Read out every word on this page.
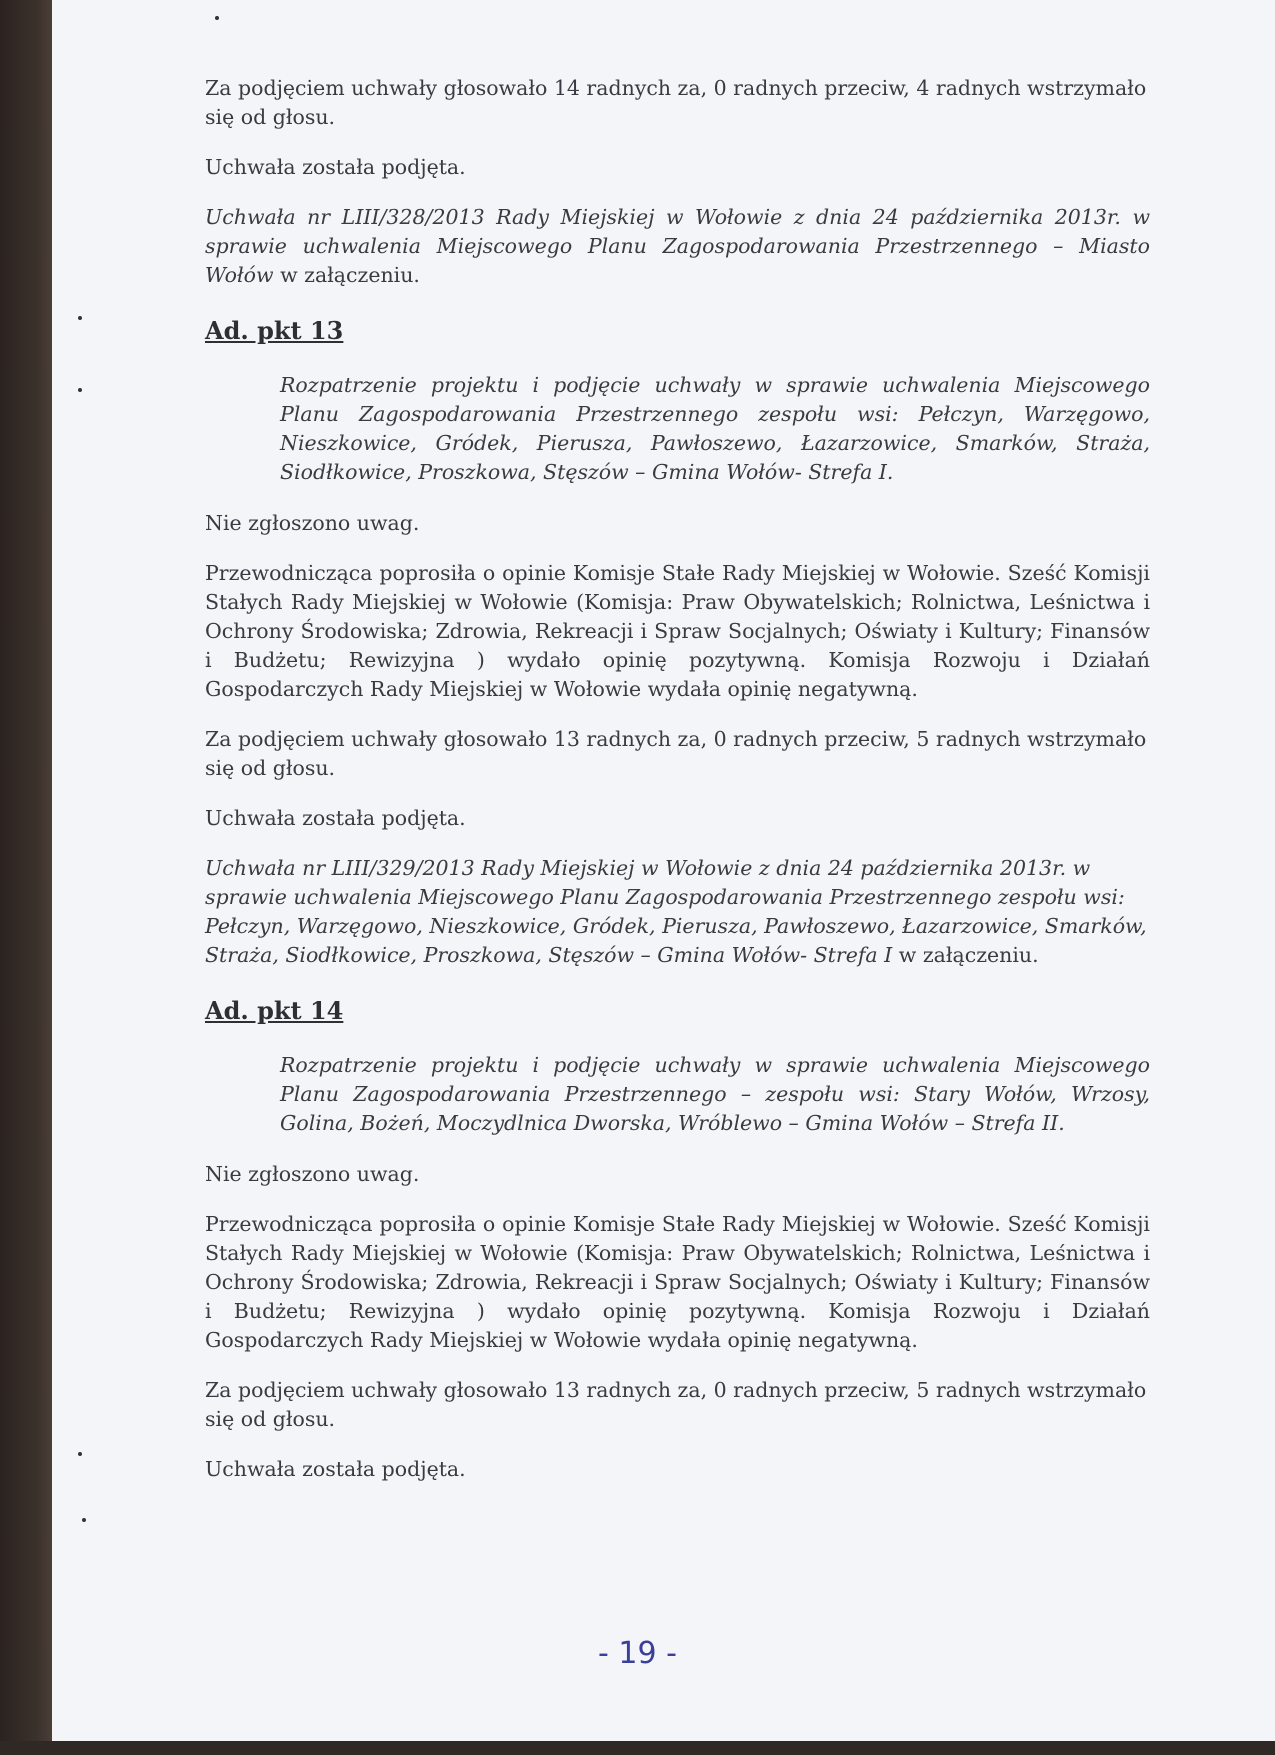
Za podjęciem uchwały głosowało 14 radnych za, 0 radnych przeciw, 4 radnych wstrzymało się od głosu.

Uchwała została podjęta.

Uchwała nr LIII/328/2013 Rady Miejskiej w Wołowie z dnia 24 października 2013r. w sprawie uchwalenia Miejscowego Planu Zagospodarowania Przestrzennego – Miasto Wołów w załączeniu.

Ad. pkt 13

Rozpatrzenie projektu i podjęcie uchwały w sprawie uchwalenia Miejscowego Planu Zagospodarowania Przestrzennego zespołu wsi: Pełczyn, Warzęgowo, Nieszkowice, Gródek, Pierusza, Pawłoszewo, Łazarzowice, Smarków, Straża, Siodłkowice, Proszkowa, Stęszów – Gmina Wołów- Strefa I.

Nie zgłoszono uwag.

Przewodnicząca poprosiła o opinie Komisje Stałe Rady Miejskiej w Wołowie. Sześć Komisji Stałych Rady Miejskiej w Wołowie (Komisja: Praw Obywatelskich; Rolnictwa, Leśnictwa i Ochrony Środowiska; Zdrowia, Rekreacji i Spraw Socjalnych; Oświaty i Kultury; Finansów i Budżetu; Rewizyjna ) wydało opinię pozytywną. Komisja Rozwoju i Działań Gospodarczych Rady Miejskiej w Wołowie wydała opinię negatywną.

Za podjęciem uchwały głosowało 13 radnych za, 0 radnych przeciw, 5 radnych wstrzymało się od głosu.

Uchwała została podjęta.

Uchwała nr LIII/329/2013 Rady Miejskiej w Wołowie z dnia 24 października 2013r. w sprawie uchwalenia Miejscowego Planu Zagospodarowania Przestrzennego zespołu wsi: Pełczyn, Warzęgowo, Nieszkowice, Gródek, Pierusza, Pawłoszewo, Łazarzowice, Smarków, Straża, Siodłkowice, Proszkowa, Stęszów – Gmina Wołów- Strefa I w załączeniu.

Ad. pkt 14

Rozpatrzenie projektu i podjęcie uchwały w sprawie uchwalenia Miejscowego Planu Zagospodarowania Przestrzennego – zespołu wsi: Stary Wołów, Wrzosy, Golina, Bożeń, Moczydlnica Dworska, Wróblewo – Gmina Wołów – Strefa II.

Nie zgłoszono uwag.

Przewodnicząca poprosiła o opinie Komisje Stałe Rady Miejskiej w Wołowie. Sześć Komisji Stałych Rady Miejskiej w Wołowie (Komisja: Praw Obywatelskich; Rolnictwa, Leśnictwa i Ochrony Środowiska; Zdrowia, Rekreacji i Spraw Socjalnych; Oświaty i Kultury; Finansów i Budżetu; Rewizyjna ) wydało opinię pozytywną. Komisja Rozwoju i Działań Gospodarczych Rady Miejskiej w Wołowie wydała opinię negatywną.

Za podjęciem uchwały głosowało 13 radnych za, 0 radnych przeciw, 5 radnych wstrzymało się od głosu.

Uchwała została podjęta.

- 19 -
